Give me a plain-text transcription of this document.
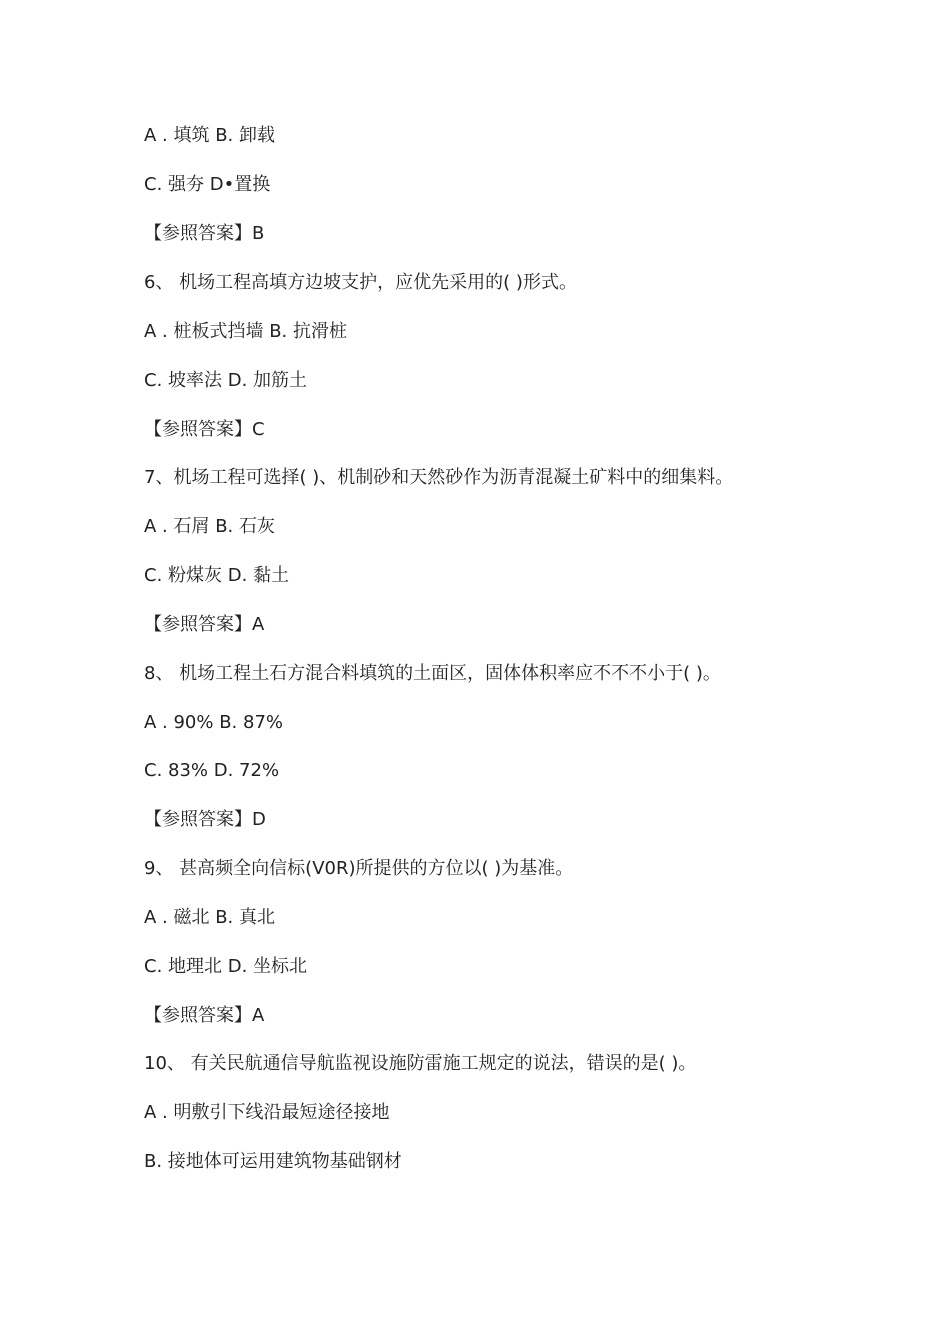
A . 填筑 B. 卸载
C. 强夯 D•置换
【参照答案】B
6、 机场工程高填方边坡支护，应优先采用的( )形式。
A . 桩板式挡墙 B. 抗滑桩
C. 坡率法 D. 加筋土
【参照答案】C
7、机场工程可选择( )、机制砂和天然砂作为沥青混凝土矿料中的细集料。
A . 石屑 B. 石灰
C. 粉煤灰 D. 黏土
【参照答案】A
8、 机场工程土石方混合料填筑的土面区，固体体积率应不不不小于( )。
A . 90% B. 87%
C. 83% D. 72%
【参照答案】D
9、 甚高频全向信标(V0R)所提供的方位以( )为基准。
A . 磁北 B. 真北
C. 地理北 D. 坐标北
【参照答案】A
10、 有关民航通信导航监视设施防雷施工规定的说法，错误的是( )。
A . 明敷引下线沿最短途径接地
B. 接地体可运用建筑物基础钢材
